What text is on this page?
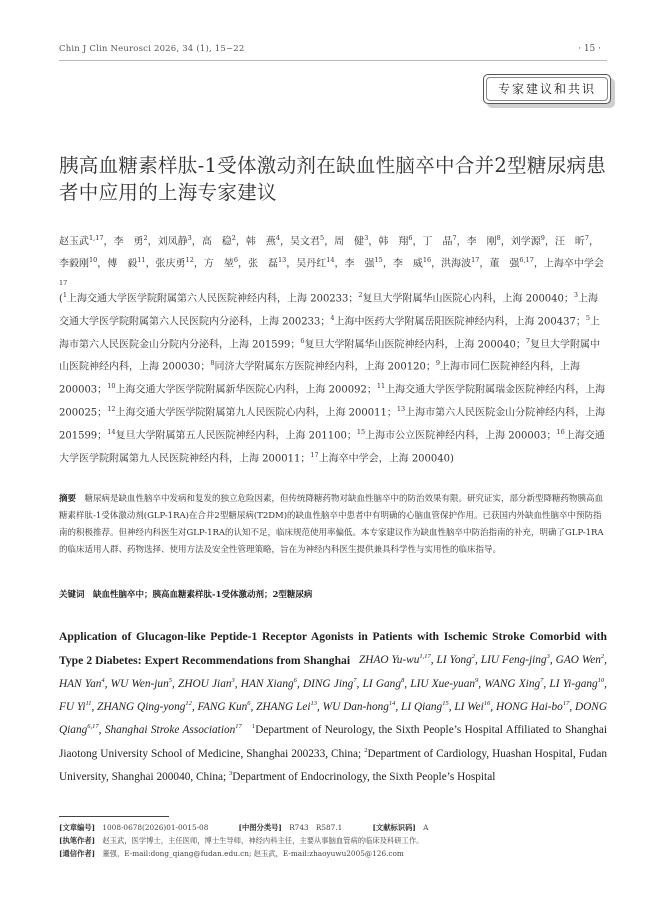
Chin J Clin Neurosci 2026, 34 (1), 15~22	· 15 ·
专家建议和共识
胰高血糖素样肽-1受体激动剂在缺血性脑卒中合并2型糖尿病患者中应用的上海专家建议
赵玉武$^{1,17}$，李　勇$^2$，刘凤静$^3$，高　稳$^2$，韩　燕$^4$，吴文君$^5$，周　健$^3$，韩　翔$^6$，丁　晶$^7$，李　刚$^8$，刘学源$^9$，汪　昕$^7$，李毅刚$^{10}$，傅　毅$^{11}$，张庆勇$^{12}$，方　堃$^6$，张　磊$^{13}$，吴丹红$^{14}$，李　强$^{15}$，李　威$^{16}$，洪海波$^{17}$，董　强$^{6,17}$，上海卒中学会$^{17}$
($^1$上海交通大学医学院附属第六人民医院神经内科，上海 200233；$^2$复旦大学附属华山医院心内科，上海 200040；$^3$上海交通大学医学院附属第六人民医院内分泌科，上海 200233；$^4$上海中医药大学附属岳阳医院神经内科，上海 200437；$^5$上海市第六人民医院金山分院内分泌科，上海 201599；$^6$复旦大学附属华山医院神经内科，上海 200040；$^7$复旦大学附属中山医院神经内科，上海 200030；$^8$同济大学附属东方医院神经内科，上海 200120；$^9$上海市同仁医院神经内科，上海 200003；$^{10}$上海交通大学医学院附属新华医院心内科，上海 200092；$^{11}$上海交通大学医学院附属瑞金医院神经内科，上海 200025；$^{12}$上海交通大学医学院附属第九人民医院心内科，上海 200011；$^{13}$上海市第六人民医院金山分院神经内科，上海 201599；$^{14}$复旦大学附属第五人民医院神经内科，上海 201100；$^{15}$上海市公立医院神经内科，上海 200003；$^{16}$上海交通大学医学院附属第九人民医院神经内科，上海 200011；$^{17}$上海卒中学会，上海 200040)
摘要　 糖尿病是缺血性脑卒中发病和复发的独立危险因素，但传统降糖药物对缺血性脑卒中的防治效果有限。研究证实，部分新型降糖药物胰高血糖素样肽-1受体激动剂(GLP-1RA)在合并2型糖尿病(T2DM)的缺血性脑卒中患者中有明确的心脑血管保护作用。已获国内外缺血性脑卒中预防指南的积极推荐。但神经内科医生对GLP-1RA的认知不足，临床规范使用率偏低。本专家建议作为缺血性脑卒中防治指南的补充，明确了GLP-1RA的临床适用人群、药物选择、使用方法及安全性管理策略，旨在为神经内科医生提供兼具科学性与实用性的临床指导。
关键词　 缺血性脑卒中；胰高血糖素样肽-1受体激动剂；2型糖尿病
Application of Glucagon-like Peptide-1 Receptor Agonists in Patients with Ischemic Stroke Comorbid with Type 2 Diabetes: Expert Recommendations from Shanghai ZHAO Yu-wu$^{1,17}$, LI Yong$^2$, LIU Feng-jing$^3$, GAO Wen$^2$, HAN Yan$^4$, WU Wen-jun$^5$, ZHOU Jian$^3$, HAN Xiang$^6$, DING Jing$^7$, LI Gang$^8$, LIU Xue-yuan$^9$, WANG Xing$^7$, LI Yi-gang$^{10}$, FU Yi$^{11}$, ZHANG Qing-yong$^{12}$, FANG Kun$^6$, ZHANG Lei$^{13}$, WU Dan-hong$^{14}$, LI Qiang$^{15}$, LI Wei$^{16}$, HONG Hai-$bo^{17}$, DONG Qiang$^{6,17}$, Shanghai Stroke Association$^{17}$ $^1$Department of Neurology, the Sixth People’s Hospital Affiliated to Shanghai Jiaotong University School of Medicine, Shanghai 200233, China; $^2$Department of Cardiology, Huashan Hospital, Fudan University, Shanghai 200040, China; $^3$Department of Endocrinology, the Sixth People’s Hospital
[文章编号]　 1008-0678(2026)01-0015-08	[中图分类号]　 R743　R587.1	[文献标识码]　 A
[执笔作者]　 赵玉武，医学博士，主任医师，博士生导师，神经内科主任，主要从事脑血管病的临床及科研工作。
[通信作者]　 董强，E-mail:dong_qiang@fudan.edu.cn; 赵玉武，E-mail:zhaoyuwu2005@126.com
